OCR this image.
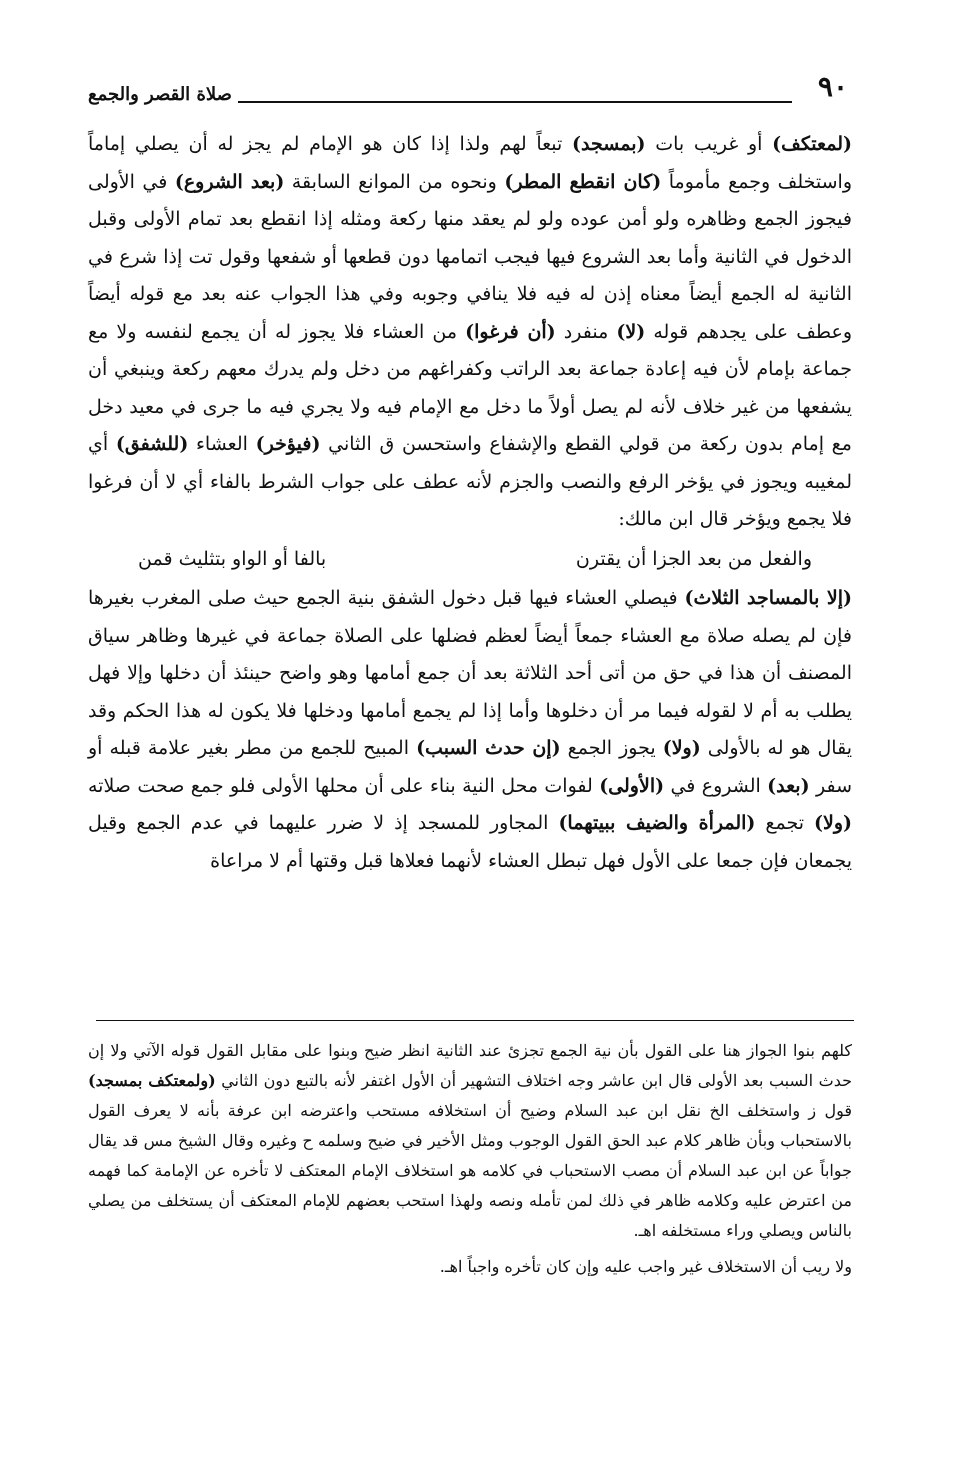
٩٠
صلاة القصر والجمع

(لمعتكف) أو غريب بات (بمسجد) تبعاً لهم ولذا إذا كان هو الإمام لم يجز له أن يصلي إماماً واستخلف وجمع مأموماً (كان انقطع المطر) ونحوه من الموانع السابقة (بعد الشروع) في الأولى فيجوز الجمع وظاهره ولو أمن عوده ولو لم يعقد منها ركعة ومثله إذا انقطع بعد تمام الأولى وقبل الدخول في الثانية وأما بعد الشروع فيها فيجب اتمامها دون قطعها أو شفعها وقول تت إذا شرع في الثانية له الجمع أيضاً معناه إذن له فيه فلا ينافي وجوبه وفي هذا الجواب عنه بعد مع قوله أيضاً وعطف على يجدهم قوله (لا) منفرد (أن فرغوا) من العشاء فلا يجوز له أن يجمع لنفسه ولا مع جماعة بإمام لأن فيه إعادة جماعة بعد الراتب وكفراغهم من دخل ولم يدرك معهم ركعة وينبغي أن يشفعها من غير خلاف لأنه لم يصل أولاً ما دخل مع الإمام فيه ولا يجري فيه ما جرى في معيد دخل مع إمام بدون ركعة من قولي القطع والإشفاع واستحسن ق الثاني (فيؤخر) العشاء (للشفق) أي لمغيبه ويجوز في يؤخر الرفع والنصب والجزم لأنه عطف على جواب الشرط بالفاء أي لا أن فرغوا فلا يجمع ويؤخر قال ابن مالك:

والفعل من بعد الجزا أن يقترن
بالفا أو الواو بتثليث قمن

(إلا بالمساجد الثلاث) فيصلي العشاء فيها قبل دخول الشفق بنية الجمع حيث صلى المغرب بغيرها فإن لم يصله صلاة مع العشاء جمعاً أيضاً لعظم فضلها على الصلاة جماعة في غيرها وظاهر سياق المصنف أن هذا في حق من أتى أحد الثلاثة بعد أن جمع أمامها وهو واضح حينئذ أن دخلها وإلا فهل يطلب به أم لا لقوله فيما مر أن دخلوها وأما إذا لم يجمع أمامها ودخلها فلا يكون له هذا الحكم وقد يقال هو له بالأولى (ولا) يجوز الجمع (إن حدث السبب) المبيح للجمع من مطر بغير علامة قبله أو سفر (بعد) الشروع في (الأولى) لفوات محل النية بناء على أن محلها الأولى فلو جمع صحت صلاته (ولا) تجمع (المرأة والضيف ببيتهما) المجاور للمسجد إذ لا ضرر عليهما في عدم الجمع وقيل يجمعان فإن جمعا على الأول فهل تبطل العشاء لأنهما فعلاها قبل وقتها أم لا مراعاة

كلهم بنوا الجواز هنا على القول بأن نية الجمع تجزئ عند الثانية انظر ضيح وبنوا على مقابل القول قوله الآتي ولا إن حدث السبب بعد الأولى قال ابن عاشر وجه اختلاف التشهير أن الأول اغتفر لأنه بالتبع دون الثاني (ولمعتكف بمسجد) قول ز واستخلف الخ نقل ابن عبد السلام وضيح أن استخلافه مستحب واعترضه ابن عرفة بأنه لا يعرف القول بالاستحباب وبأن ظاهر كلام عبد الحق القول الوجوب ومثل الأخير في ضيح وسلمه ح وغيره وقال الشيخ مس قد يقال جواباً عن ابن عبد السلام أن مصب الاستحباب في كلامه هو استخلاف الإمام المعتكف لا تأخره عن الإمامة كما فهمه من اعترض عليه وكلامه ظاهر في ذلك لمن تأمله ونصه ولهذا استحب بعضهم للإمام المعتكف أن يستخلف من يصلي بالناس ويصلي وراء مستخلفه اهـ.

ولا ريب أن الاستخلاف غير واجب عليه وإن كان تأخره واجباً اهـ.
